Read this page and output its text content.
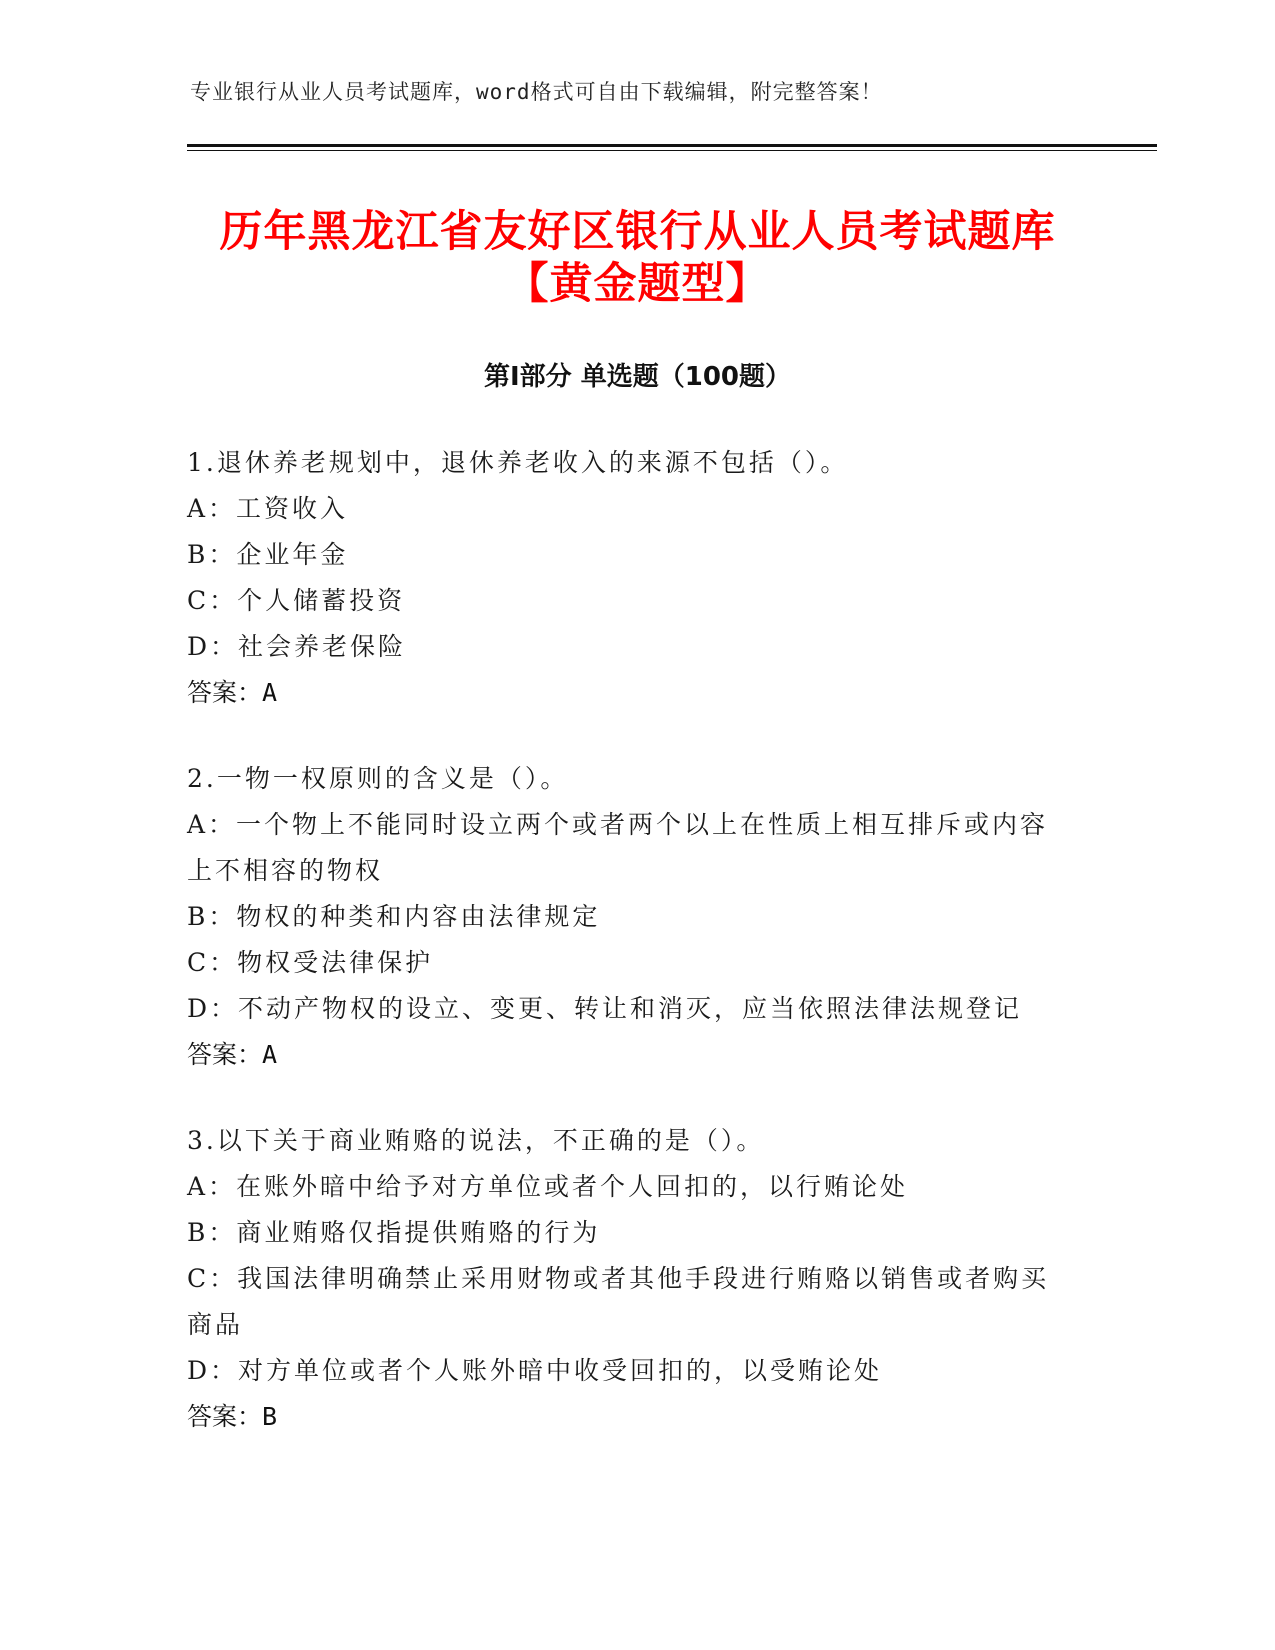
专业银行从业人员考试题库，word格式可自由下载编辑，附完整答案！
历年黑龙江省友好区银行从业人员考试题库
【黄金题型】
第Ⅰ部分 单选题（100题）
1.退休养老规划中，退休养老收入的来源不包括（）。
A：工资收入
B：企业年金
C：个人储蓄投资
D：社会养老保险
答案：A
2.一物一权原则的含义是（）。
A：一个物上不能同时设立两个或者两个以上在性质上相互排斥或内容
上不相容的物权
B：物权的种类和内容由法律规定
C：物权受法律保护
D：不动产物权的设立、变更、转让和消灭，应当依照法律法规登记
答案：A
3.以下关于商业贿赂的说法，不正确的是（）。
A：在账外暗中给予对方单位或者个人回扣的，以行贿论处
B：商业贿赂仅指提供贿赂的行为
C：我国法律明确禁止采用财物或者其他手段进行贿赂以销售或者购买
商品
D：对方单位或者个人账外暗中收受回扣的，以受贿论处
答案：B
